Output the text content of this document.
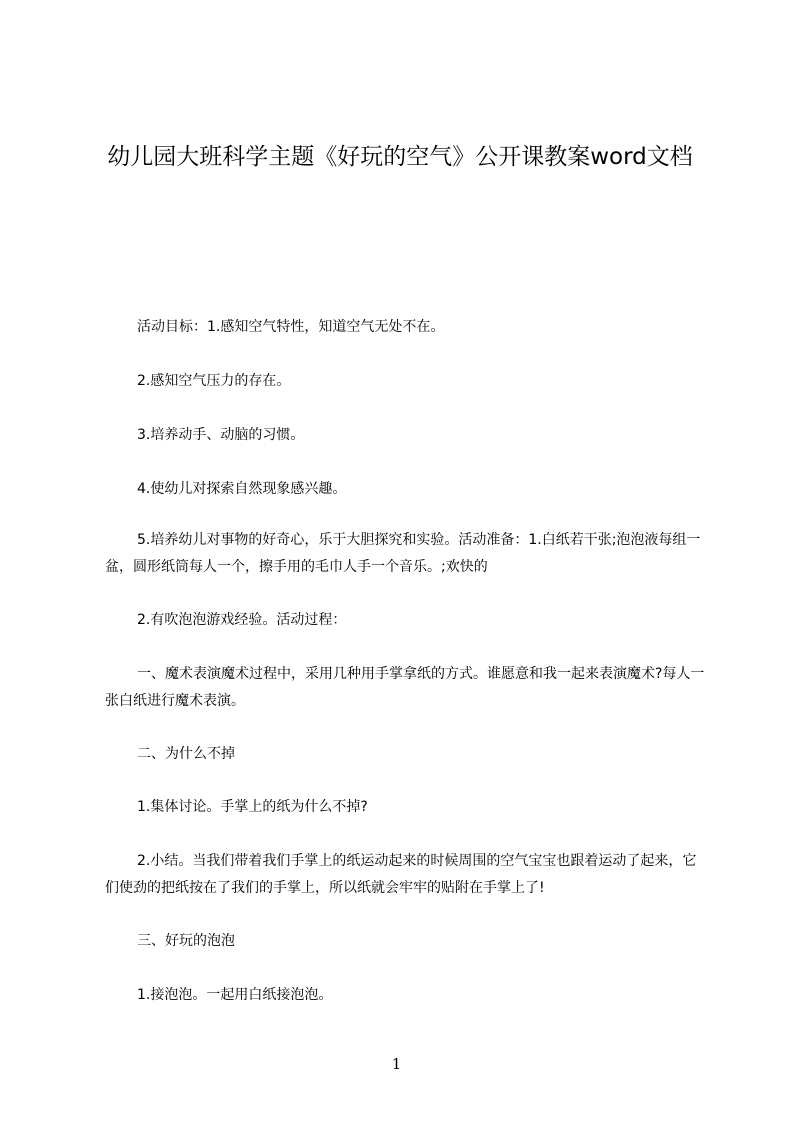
幼儿园大班科学主题《好玩的空气》公开课教案word文档

活动目标：1.感知空气特性，知道空气无处不在。

2.感知空气压力的存在。

3.培养动手、动脑的习惯。

4.使幼儿对探索自然现象感兴趣。

5.培养幼儿对事物的好奇心，乐于大胆探究和实验。活动准备：1.白纸若干张;泡泡液每组一盆，圆形纸筒每人一个，擦手用的毛巾人手一个音乐。;欢快的

2.有吹泡泡游戏经验。活动过程：

一、魔术表演魔术过程中，采用几种用手掌拿纸的方式。谁愿意和我一起来表演魔术?每人一张白纸进行魔术表演。

二、为什么不掉

1.集体讨论。手掌上的纸为什么不掉?

2.小结。当我们带着我们手掌上的纸运动起来的时候周围的空气宝宝也跟着运动了起来，它们使劲的把纸按在了我们的手掌上，所以纸就会牢牢的贴附在手掌上了!

三、好玩的泡泡

1.接泡泡。一起用白纸接泡泡。

1
